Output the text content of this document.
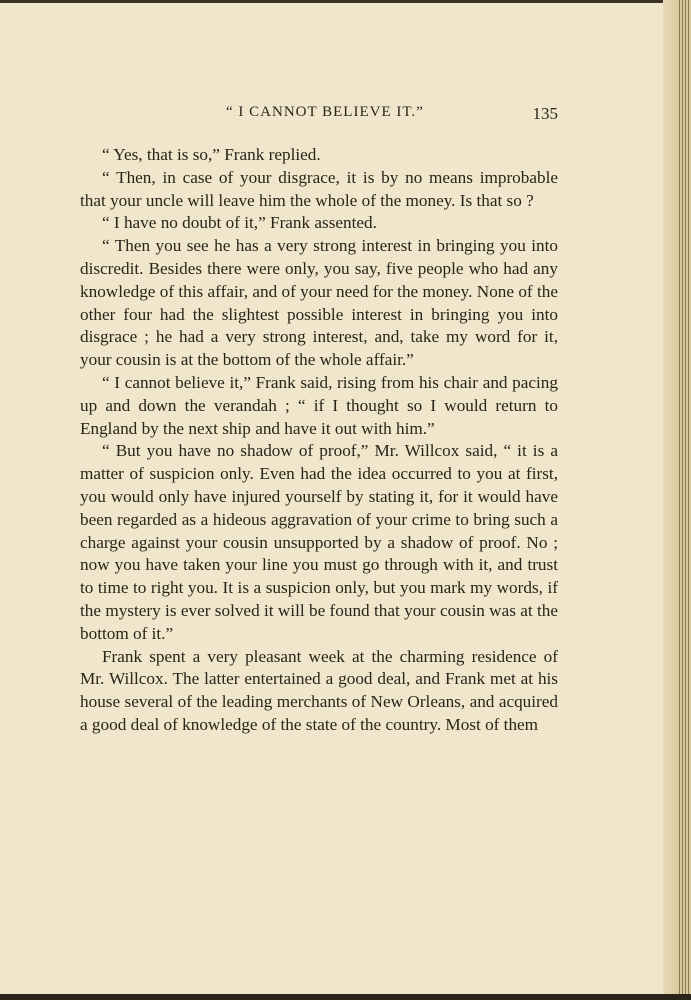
“ I CANNOT BELIEVE IT.”	135

“ Yes, that is so,” Frank replied.

“ Then, in case of your disgrace, it is by no means improbable that your uncle will leave him the whole of the money. Is that so ?

“ I have no doubt of it,” Frank assented.

“ Then you see he has a very strong interest in bringing you into discredit. Besides there were only, you say, five people who had any knowledge of this affair, and of your need for the money. None of the other four had the slightest possible interest in bringing you into disgrace ; he had a very strong interest, and, take my word for it, your cousin is at the bottom of the whole affair.”

“ I cannot believe it,” Frank said, rising from his chair and pacing up and down the verandah ; “ if I thought so I would return to England by the next ship and have it out with him.”

“ But you have no shadow of proof,” Mr. Willcox said, “ it is a matter of suspicion only. Even had the idea occurred to you at first, you would only have injured yourself by stating it, for it would have been regarded as a hideous aggravation of your crime to bring such a charge against your cousin unsupported by a shadow of proof. No ; now you have taken your line you must go through with it, and trust to time to right you. It is a suspicion only, but you mark my words, if the mystery is ever solved it will be found that your cousin was at the bottom of it.”

Frank spent a very pleasant week at the charming residence of Mr. Willcox. The latter entertained a good deal, and Frank met at his house several of the leading merchants of New Orleans, and acquired a good deal of knowledge of the state of the country. Most of them
